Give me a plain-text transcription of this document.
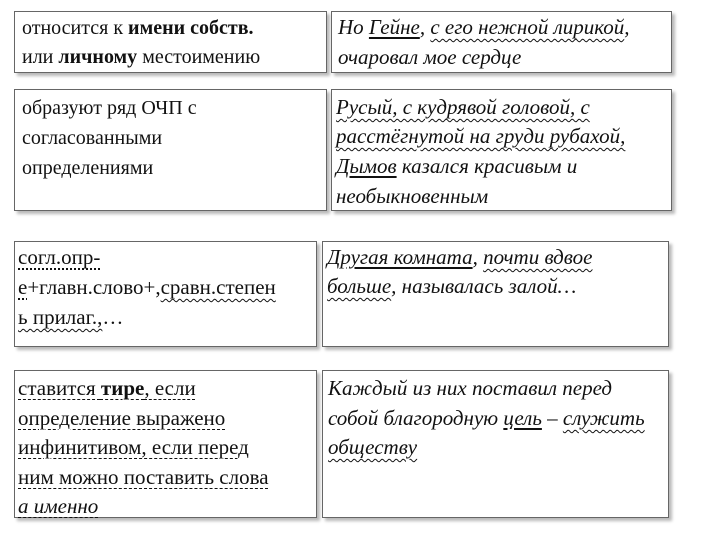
относится к имени собств.
или личному местоимению
Но Гейне, с его нежной лирикой,
очаровал мое сердце
образуют ряд ОЧП с
согласованными
определениями
Русый, с кудрявой головой, с
расстёгнутой на груди рубахой,
Дымов казался красивым и
необыкновенным
согл.опр-
е+главн.слово+,сравн.степен
ь прилаг.,…
Другая комната, почти вдвое
больше, называлась залой…
ставится тире, если
определение выражено
инфинитивом, если перед
ним можно поставить слова
а именно
Каждый из них поставил перед
собой благородную цель – служить
обществу
